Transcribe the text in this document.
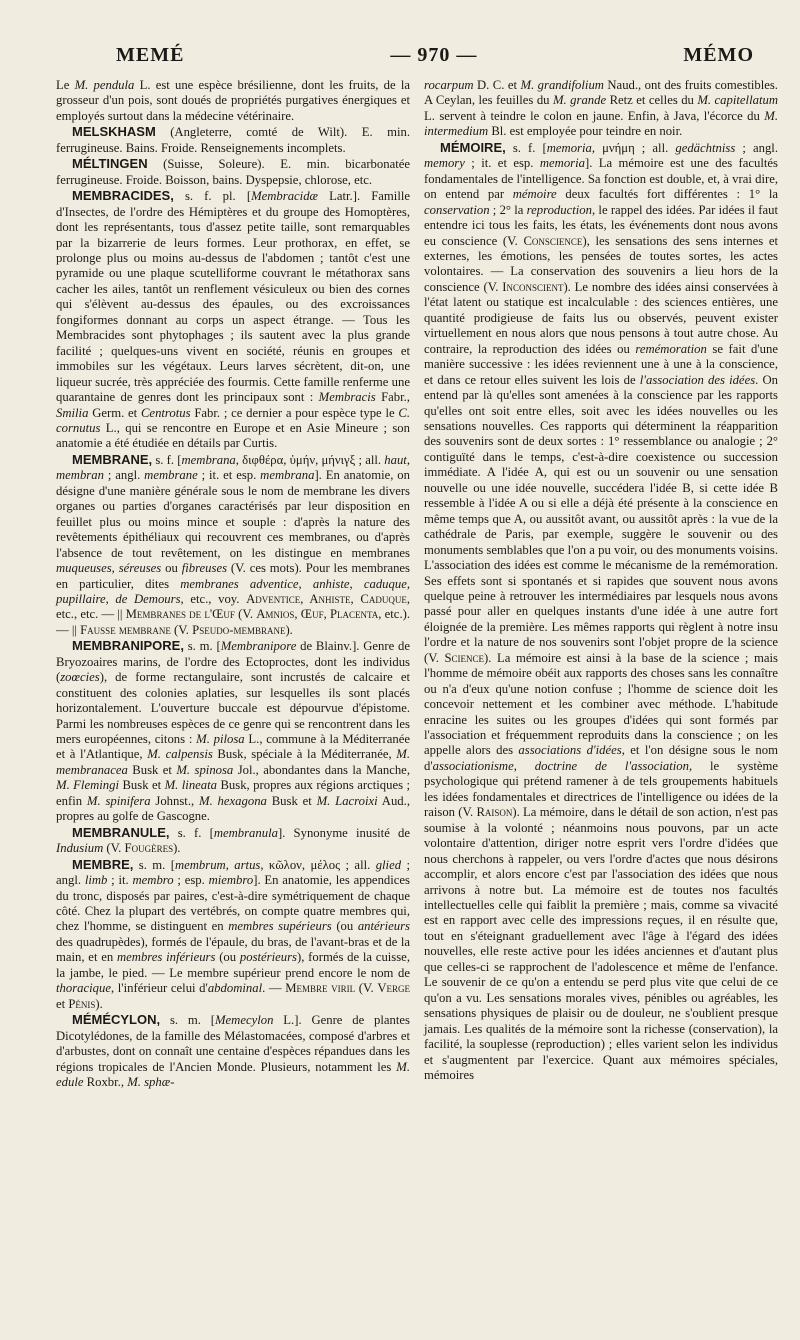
MEMÉ	— 970 —	MÉMO

Le M. pendula L. est une espèce brésilienne, dont les fruits, de la grosseur d'un pois, sont doués de propriétés purgatives énergiques et employés surtout dans la médecine vétérinaire.

MELSKHASM (Angleterre, comté de Wilt). E. min. ferrugineuse. Bains. Froide. Renseignements incomplets.

MÉLTINGEN (Suisse, Soleure). E. min. bicarbonatée ferrugineuse. Froide. Boisson, bains. Dyspepsie, chlorose, etc.

MEMBRACIDES, s. f. pl. [Membracidæ Latr.]. Famille d'Insectes, de l'ordre des Hémiptères et du groupe des Homoptères, dont les représentants, tous d'assez petite taille, sont remarquables par la bizarrerie de leurs formes. Leur prothorax, en effet, se prolonge plus ou moins au-dessus de l'abdomen ; tantôt c'est une pyramide ou une plaque scutelliforme couvrant le métathorax sans cacher les ailes, tantôt un renflement vésiculeux ou bien des cornes qui s'élèvent au-dessus des épaules, ou des excroissances fongiformes donnant au corps un aspect étrange. — Tous les Membracides sont phytophages ; ils sautent avec la plus grande facilité ; quelques-uns vivent en société, réunis en groupes et immobiles sur les végétaux. Leurs larves sécrètent, dit-on, une liqueur sucrée, très appréciée des fourmis. Cette famille renferme une quarantaine de genres dont les principaux sont : Membracis Fabr., Smilia Germ. et Centrotus Fabr. ; ce dernier a pour espèce type le C. cornutus L., qui se rencontre en Europe et en Asie Mineure ; son anatomie a été étudiée en détails par Curtis.

MEMBRANE, s. f. [membrana, διφθέρα, ὑμήν, μήνιγξ ; all. haut, membran ; angl. membrane ; it. et esp. membrana]. En anatomie, on désigne d'une manière générale sous le nom de membrane les divers organes ou parties d'organes caractérisés par leur disposition en feuillet plus ou moins mince et souple : d'après la nature des revêtements épithéliaux qui recouvrent ces membranes, ou d'après l'absence de tout revêtement, on les distingue en membranes muqueuses, séreuses ou fibreuses (V. ces mots). Pour les membranes en particulier, dites membranes adventice, anhiste, caduque, pupillaire, de Demours, etc., voy. Adventice, Anhiste, Caduque, etc., etc. — || Membranes de l'Œuf (V. Amnios, Œuf, Placenta, etc.). — || Fausse membrane (V. Pseudo-membrane).

MEMBRANIPORE, s. m. [Membranipore de Blainv.]. Genre de Bryozoaires marins, de l'ordre des Ectoproctes, dont les individus (zoœcies), de forme rectangulaire, sont incrustés de calcaire et constituent des colonies aplaties, sur lesquelles ils sont placés horizontalement. L'ouverture buccale est dépourvue d'épistome. Parmi les nombreuses espèces de ce genre qui se rencontrent dans les mers européennes, citons : M. pilosa L., commune à la Méditerranée et à l'Atlantique, M. calpensis Busk, spéciale à la Méditerranée, M. membranacea Busk et M. spinosa Jol., abondantes dans la Manche, M. Flemingi Busk et M. lineata Busk, propres aux régions arctiques ; enfin M. spinifera Johnst., M. hexagona Busk et M. Lacroixi Aud., propres au golfe de Gascogne.

MEMBRANULE, s. f. [membranula]. Synonyme inusité de Indusium (V. Fougères).

MEMBRE, s. m. [membrum, artus, κῶλον, μέλος ; all. glied ; angl. limb ; it. membro ; esp. miembro]. En anatomie, les appendices du tronc, disposés par paires, c'est-à-dire symétriquement de chaque côté. Chez la plupart des vertébrés, on compte quatre membres qui, chez l'homme, se distinguent en membres supérieurs (ou antérieurs des quadrupèdes), formés de l'épaule, du bras, de l'avant-bras et de la main, et en membres inférieurs (ou postérieurs), formés de la cuisse, la jambe, le pied. — Le membre supérieur prend encore le nom de thoracique, l'inférieur celui d'abdominal. — Membre viril (V. Verge et Pénis).

MÉMÉCYLON, s. m. [Memecylon L.]. Genre de plantes Dicotylédones, de la famille des Mélastomacées, composé d'arbres et d'arbustes, dont on connaît une centaine d'espèces répandues dans les régions tropicales de l'Ancien Monde. Plusieurs, notamment les M. edule Roxbr., M. sphæ-

rocarpum D. C. et M. grandifolium Naud., ont des fruits comestibles. A Ceylan, les feuilles du M. grande Retz et celles du M. capitellatum L. servent à teindre le colon en jaune. Enfin, à Java, l'écorce du M. intermedium Bl. est employée pour teindre en noir.

MÉMOIRE, s. f. [memoria, μνήμη ; all. gedächtniss ; angl. memory ; it. et esp. memoria]. La mémoire est une des facultés fondamentales de l'intelligence. Sa fonction est double, et, à vrai dire, on entend par mémoire deux facultés fort différentes : 1° la conservation ; 2° la reproduction, le rappel des idées. Par idées il faut entendre ici tous les faits, les états, les événements dont nous avons eu conscience (V. Conscience), les sensations des sens internes et externes, les émotions, les pensées de toutes sortes, les actes volontaires. — La conservation des souvenirs a lieu hors de la conscience (V. Inconscient). Le nombre des idées ainsi conservées à l'état latent ou statique est incalculable : des sciences entières, une quantité prodigieuse de faits lus ou observés, peuvent exister virtuellement en nous alors que nous pensons à tout autre chose. Au contraire, la reproduction des idées ou remémoration se fait d'une manière successive : les idées reviennent une à une à la conscience, et dans ce retour elles suivent les lois de l'association des idées. On entend par là qu'elles sont amenées à la conscience par les rapports qu'elles ont soit entre elles, soit avec les idées nouvelles ou les sensations nouvelles. Ces rapports qui déterminent la réapparition des souvenirs sont de deux sortes : 1° ressemblance ou analogie ; 2° contiguïté dans le temps, c'est-à-dire coexistence ou succession immédiate. A l'idée A, qui est ou un souvenir ou une sensation nouvelle ou une idée nouvelle, succédera l'idée B, si cette idée B ressemble à l'idée A ou si elle a déjà été présente à la conscience en même temps que A, ou aussitôt avant, ou aussitôt après : la vue de la cathédrale de Paris, par exemple, suggère le souvenir ou des monuments semblables que l'on a pu voir, ou des monuments voisins. L'association des idées est comme le mécanisme de la remémoration. Ses effets sont si spontanés et si rapides que souvent nous avons quelque peine à retrouver les intermédiaires par lesquels nous avons passé pour aller en quelques instants d'une idée à une autre fort éloignée de la première. Les mêmes rapports qui règlent à notre insu l'ordre et la nature de nos souvenirs sont l'objet propre de la science (V. Science). La mémoire est ainsi à la base de la science ; mais l'homme de mémoire obéit aux rapports des choses sans les connaître ou n'a d'eux qu'une notion confuse ; l'homme de science doit les concevoir nettement et les combiner avec méthode. L'habitude enracine les suites ou les groupes d'idées qui sont formés par l'association et fréquemment reproduits dans la conscience ; on les appelle alors des associations d'idées, et l'on désigne sous le nom d'associationisme, doctrine de l'association, le système psychologique qui prétend ramener à de tels groupements habituels les idées fondamentales et directrices de l'intelligence ou idées de la raison (V. Raison). La mémoire, dans le détail de son action, n'est pas soumise à la volonté ; néanmoins nous pouvons, par un acte volontaire d'attention, diriger notre esprit vers l'ordre d'idées que nous cherchons à rappeler, ou vers l'ordre d'actes que nous désirons accomplir, et alors encore c'est par l'association des idées que nous arrivons à notre but. La mémoire est de toutes nos facultés intellectuelles celle qui faiblit la première ; mais, comme sa vivacité est en rapport avec celle des impressions reçues, il en résulte que, tout en s'éteignant graduellement avec l'âge à l'égard des idées nouvelles, elle reste active pour les idées anciennes et d'autant plus que celles-ci se rapprochent de l'adolescence et même de l'enfance. Le souvenir de ce qu'on a entendu se perd plus vite que celui de ce qu'on a vu. Les sensations morales vives, pénibles ou agréables, les sensations physiques de plaisir ou de douleur, ne s'oublient presque jamais. Les qualités de la mémoire sont la richesse (conservation), la facilité, la souplesse (reproduction) ; elles varient selon les individus et s'augmentent par l'exercice. Quant aux mémoires spéciales, mémoires
